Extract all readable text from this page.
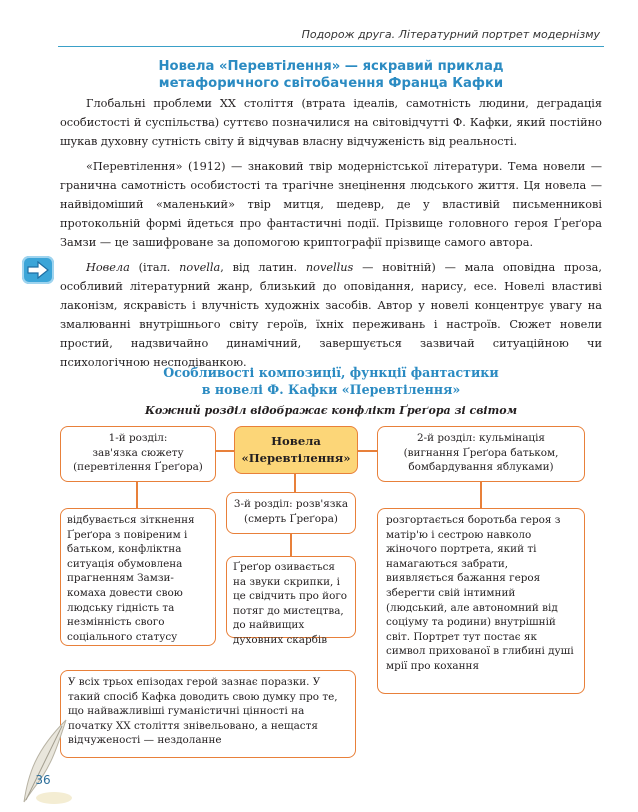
Подорож друга. Літературний портрет модернізму
Новела «Перевтілення» — яскравий приклад
метафоричного світобачення Франца Кафки

Глобальні проблеми XX століття (втрата ідеалів, самотність людини, деградація особистості й суспільства) суттєво позначилися на світовідчутті Ф. Кафки, який постійно шукав духовну сутність світу й відчував власну відчуженість від реальності.

«Перевтілення» (1912) — знаковий твір модерністської літератури. Тема новели — гранична самотність особистості та трагічне знецінення людського життя. Ця новела — найвідоміший «маленький» твір митця, шедевр, де у властивій письменникові протокольній формі йдеться про фантастичні події. Прізвище головного героя Ґреґора Замзи — це зашифроване за допомогою криптографії прізвище самого автора.

Новела (італ. novella, від латин. novellus — новітній) — мала оповідна проза, особливий літературний жанр, близький до оповідання, нарису, есе. Новелі властиві лаконізм, яскравість і влучність художніх засобів. Автор у новелі концентрує увагу на змалюванні внутрішнього світу героїв, їхніх переживань і настроїв. Сюжет новели простий, надзвичайно динамічний, завершується зазвичай ситуаційною чи психологічною несподіванкою.

Особливості композиції, функції фантастики
в новелі Ф. Кафки «Перевтілення»
Кожний розділ відображає конфлікт Ґреґора зі світом
Новела
«Перевтілення»
1-й розділ:
зав'язка сюжету
(перевтілення Ґреґора)
2-й розділ: кульмінація
(вигнання Ґреґора батьком,
бомбардування яблуками)
3-й розділ: розв'язка
(смерть Ґреґора)
відбувається зіткнення Ґреґора з повіреним і батьком, конфліктна ситуація обумовлена прагненням Замзи-комаха довести свою людську гідність та незмінність свого соціального статусу
Ґреґор озивається на звуки скрипки, і це свідчить про його потяг до мистецтва, до найвищих духовних скарбів
розгортається боротьба героя з матір'ю і сестрою навколо жіночого портрета, який ті намагаються забрати, виявляється бажання героя зберегти свій інтимний (людський, але автономний від соціуму та родини) внутрішній світ. Портрет тут постає як символ прихованої в глибині душі мрії про кохання
У всіх трьох епізодах герой зазнає поразки. У такий спосіб Кафка доводить свою думку про те, що найважливіші гуманістичні цінності на початку XX століття знівельовано, а нещастя відчуженості — нездоланне
36
